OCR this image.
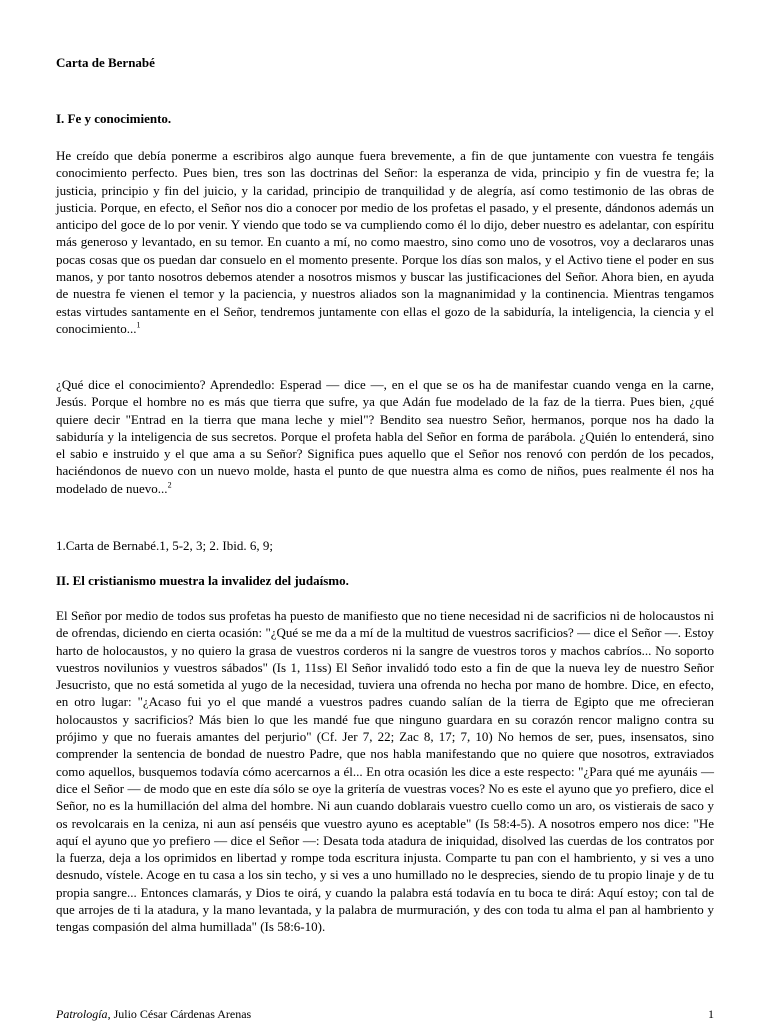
Carta de Bernabé
I. Fe y conocimiento.

He creído que debía ponerme a escribiros algo aunque fuera brevemente, a fin de que juntamente con vuestra fe tengáis conocimiento perfecto. Pues bien, tres son las doctrinas del Señor: la esperanza de vida, principio y fin de vuestra fe; la justicia, principio y fin del juicio, y la caridad, principio de tranquilidad y de alegría, así como testimonio de las obras de justicia. Porque, en efecto, el Señor nos dio a conocer por medio de los profetas el pasado, y el presente, dándonos además un anticipo del goce de lo por venir. Y viendo que todo se va cumpliendo como él lo dijo, deber nuestro es adelantar, con espíritu más generoso y levantado, en su temor. En cuanto a mí, no como maestro, sino como uno de vosotros, voy a declararos unas pocas cosas que os puedan dar consuelo en el momento presente. Porque los días son malos, y el Activo tiene el poder en sus manos, y por tanto nosotros debemos atender a nosotros mismos y buscar las justificaciones del Señor. Ahora bien, en ayuda de nuestra fe vienen el temor y la paciencia, y nuestros aliados son la magnanimidad y la continencia. Mientras tengamos estas virtudes santamente en el Señor, tendremos juntamente con ellas el gozo de la sabiduría, la inteligencia, la ciencia y el conocimiento...$^1$

¿Qué dice el conocimiento? Aprendedlo: Esperad — dice —, en el que se os ha de manifestar cuando venga en la carne, Jesús. Porque el hombre no es más que tierra que sufre, ya que Adán fue modelado de la faz de la tierra. Pues bien, ¿qué quiere decir "Entrad en la tierra que mana leche y miel"? Bendito sea nuestro Señor, hermanos, porque nos ha dado la sabiduría y la inteligencia de sus secretos. Porque el profeta habla del Señor en forma de parábola. ¿Quién lo entenderá, sino el sabio e instruido y el que ama a su Señor? Significa pues aquello que el Señor nos renovó con perdón de los pecados, haciéndonos de nuevo con un nuevo molde, hasta el punto de que nuestra alma es como de niños, pues realmente él nos ha modelado de nuevo...$^2$

1.Carta de Bernabé.1, 5-2, 3; 2. Ibid. 6, 9;

II. El cristianismo muestra la invalidez del judaísmo.

El Señor por medio de todos sus profetas ha puesto de manifiesto que no tiene necesidad ni de sacrificios ni de holocaustos ni de ofrendas, diciendo en cierta ocasión: "¿Qué se me da a mí de la multitud de vuestros sacrificios? — dice el Señor —. Estoy harto de holocaustos, y no quiero la grasa de vuestros corderos ni la sangre de vuestros toros y machos cabríos... No soporto vuestros novilunios y vuestros sábados" (Is 1, 11ss) El Señor invalidó todo esto a fin de que la nueva ley de nuestro Señor Jesucristo, que no está sometida al yugo de la necesidad, tuviera una ofrenda no hecha por mano de hombre. Dice, en efecto, en otro lugar: "¿Acaso fui yo el que mandé a vuestros padres cuando salían de la tierra de Egipto que me ofrecieran holocaustos y sacrificios? Más bien lo que les mandé fue que ninguno guardara en su corazón rencor maligno contra su prójimo y que no fuerais amantes del perjurio" (Cf. Jer 7, 22; Zac 8, 17; 7, 10) No hemos de ser, pues, insensatos, sino comprender la sentencia de bondad de nuestro Padre, que nos habla manifestando que no quiere que nosotros, extraviados como aquellos, busquemos todavía cómo acercarnos a él... En otra ocasión les dice a este respecto: "¿Para qué me ayunáis — dice el Señor — de modo que en este día sólo se oye la gritería de vuestras voces? No es este el ayuno que yo prefiero, dice el Señor, no es la humillación del alma del hombre. Ni aun cuando doblarais vuestro cuello como un aro, os vistierais de saco y os revolcarais en la ceniza, ni aun así penséis que vuestro ayuno es aceptable" (Is 58:4-5). A nosotros empero nos dice: "He aquí el ayuno que yo prefiero — dice el Señor —: Desata toda atadura de iniquidad, disolved las cuerdas de los contratos por la fuerza, deja a los oprimidos en libertad y rompe toda escritura injusta. Comparte tu pan con el hambriento, y si ves a uno desnudo, vístele. Acoge en tu casa a los sin techo, y si ves a uno humillado no le desprecies, siendo de tu propio linaje y de tu propia sangre... Entonces clamarás, y Dios te oirá, y cuando la palabra está todavía en tu boca te dirá: Aquí estoy; con tal de que arrojes de ti la atadura, y la mano levantada, y la palabra de murmuración, y des con toda tu alma el pan al hambriento y tengas compasión del alma humillada" (Is 58:6-10).

Patrología, Julio César Cárdenas Arenas	1
